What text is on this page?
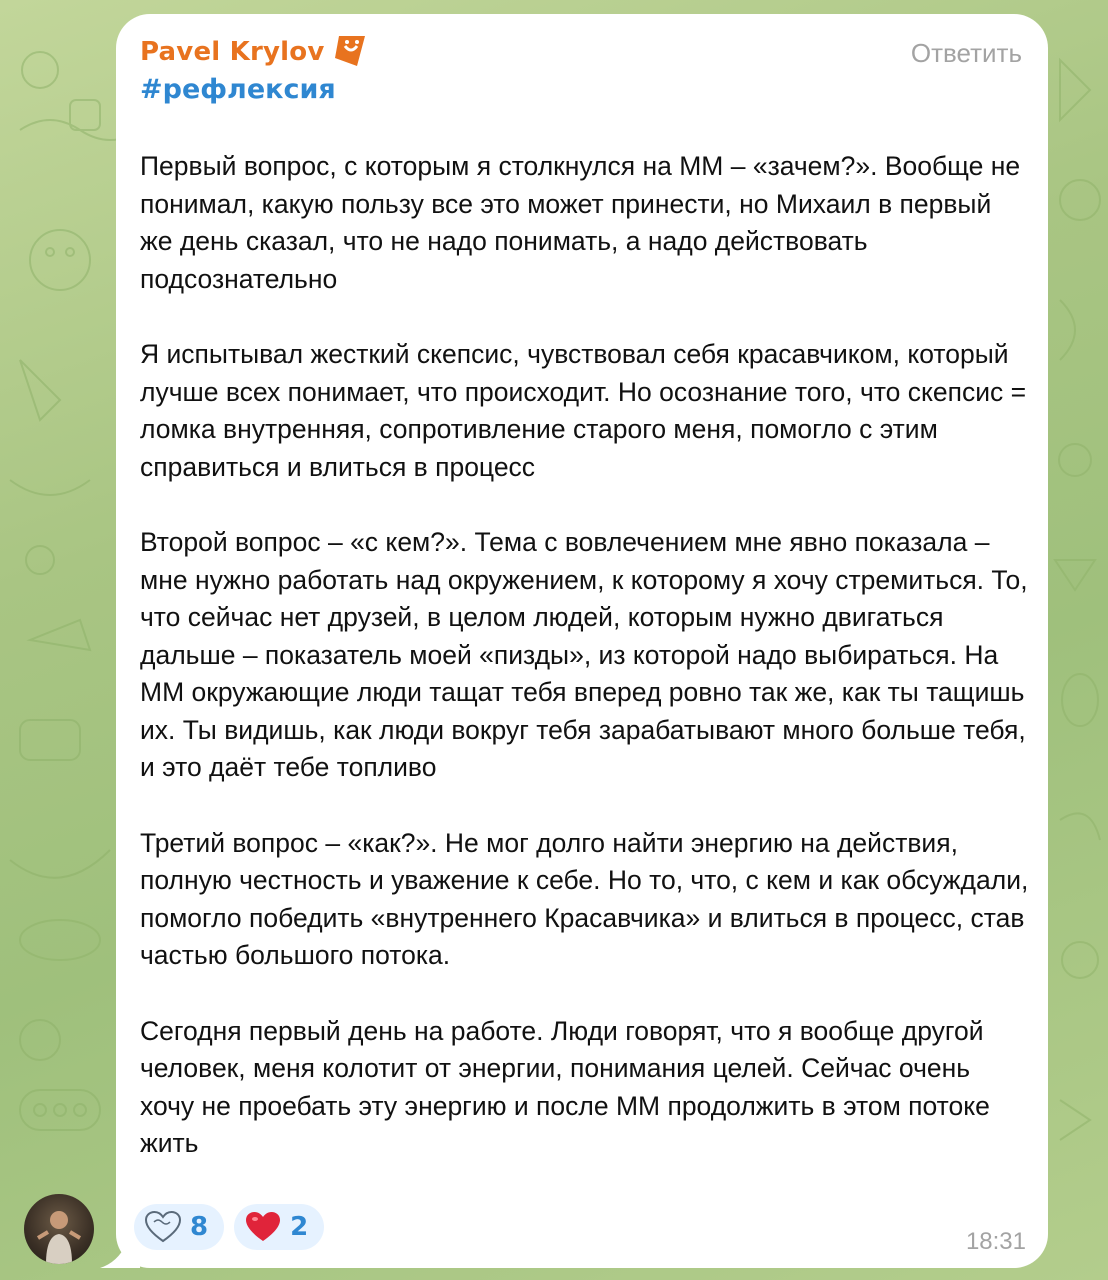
Pavel Krylov	Ответить
#рефлексия

Первый вопрос, с которым я столкнулся на ММ – «зачем?». Вообще не понимал, какую пользу все это может принести, но Михаил в первый же день сказал, что не надо понимать, а надо действовать подсознательно

Я испытывал жесткий скепсис, чувствовал себя красавчиком, который лучше всех понимает, что происходит. Но осознание того, что скепсис = ломка внутренняя, сопротивление старого меня, помогло с этим справиться и влиться в процесс

Второй вопрос – «с кем?». Тема с вовлечением мне явно показала – мне нужно работать над окружением, к которому я хочу стремиться. То, что сейчас нет друзей, в целом людей, которым нужно двигаться дальше – показатель моей «пизды», из которой надо выбираться. На ММ окружающие люди тащат тебя вперед ровно так же, как ты тащишь их. Ты видишь, как люди вокруг тебя зарабатывают много больше тебя, и это даёт тебе топливо

Третий вопрос – «как?». Не мог долго найти энергию на действия, полную честность и уважение к себе. Но то, что, с кем и как обсуждали, помогло победить «внутреннего Красавчика» и влиться в процесс, став частью большого потока.

Сегодня первый день на работе. Люди говорят, что я вообще другой человек, меня колотит от энергии, понимания целей. Сейчас очень хочу не проебать эту энергию и после ММ продолжить в этом потоке жить

8	2	18:31
